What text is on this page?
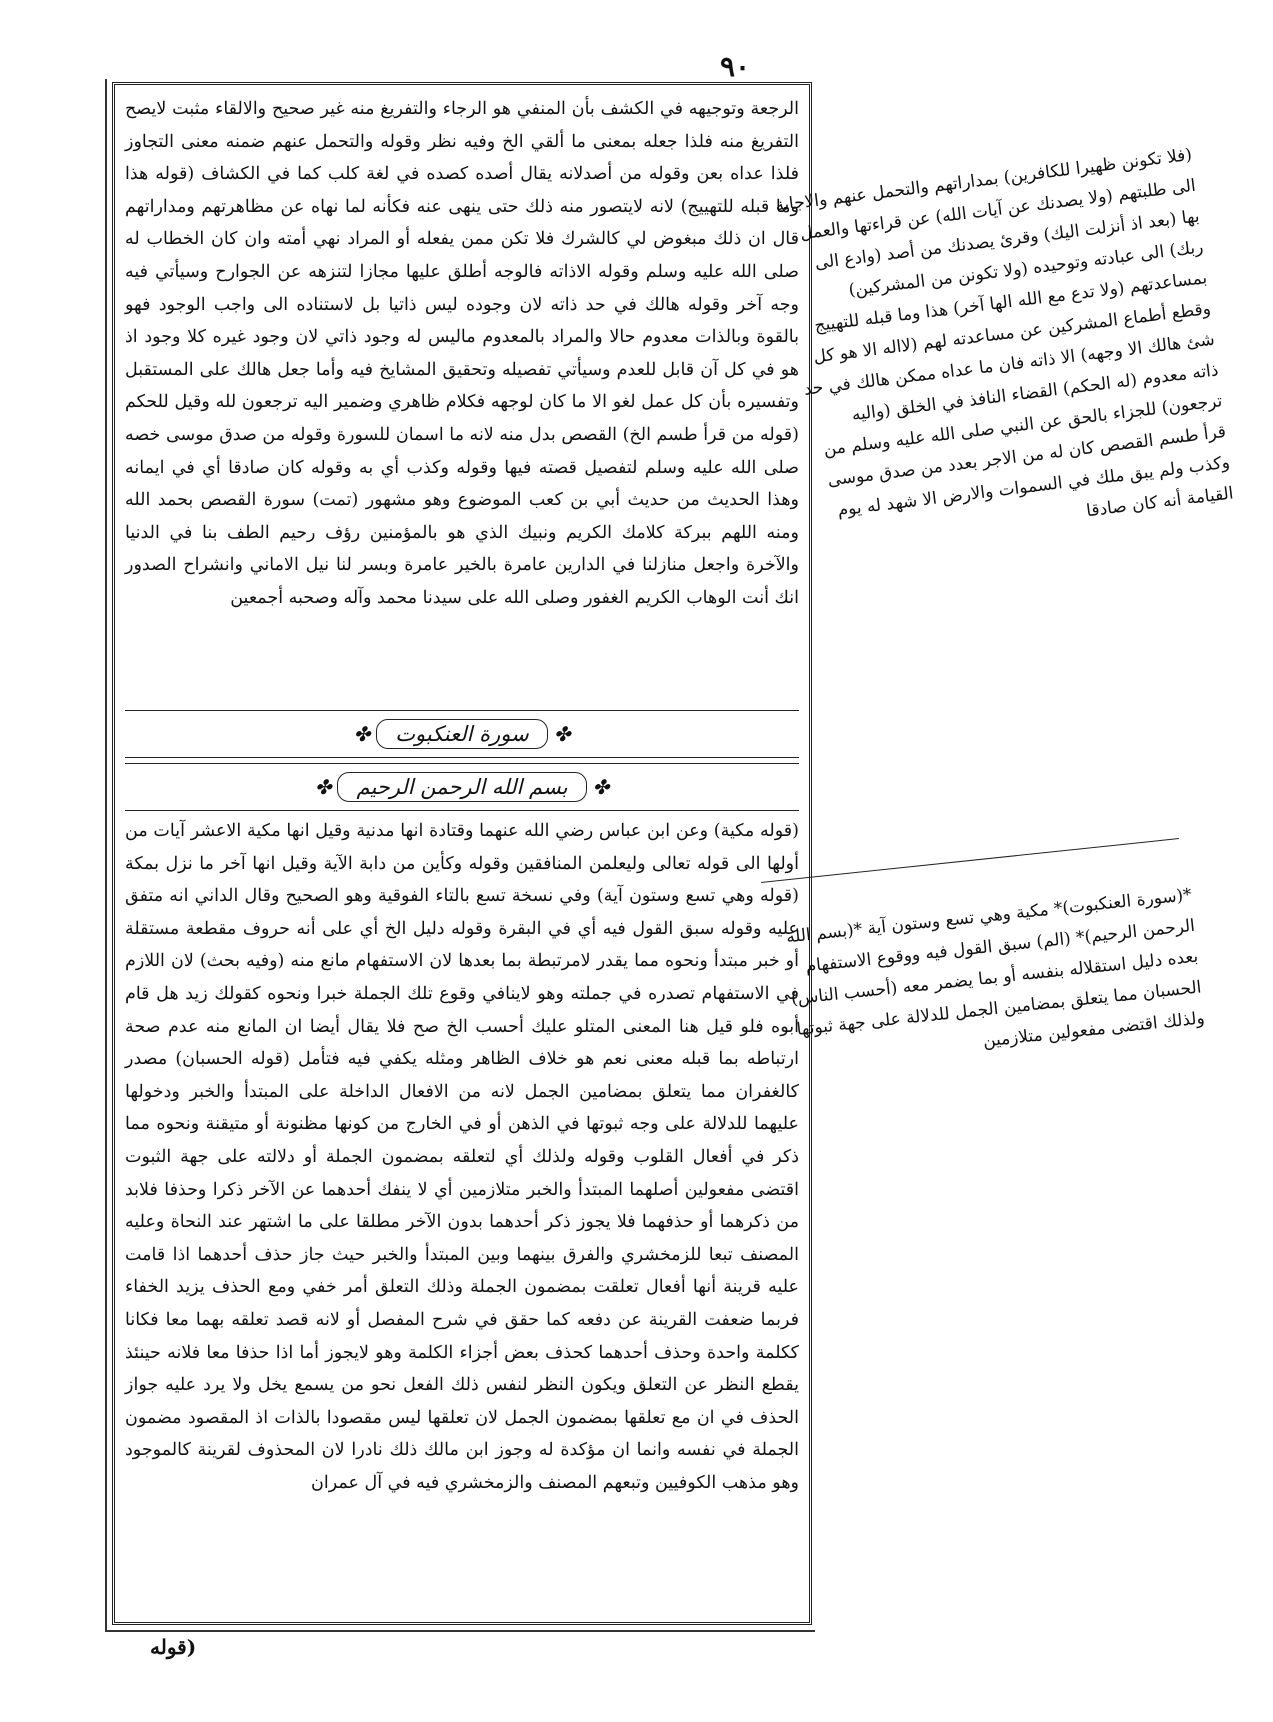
٩٠

الرجعة وتوجيهه في الكشف بأن المنفي هو الرجاء والتفريغ منه غير صحيح والالقاء مثبت لايصح التفريغ منه فلذا جعله بمعنى ما ألقي الخ وفيه نظر وقوله والتحمل عنهم ضمنه معنى التجاوز فلذا عداه بعن وقوله من أصدلانه يقال أصده كصده في لغة كلب كما في الكشاف (قوله هذا وما قبله للتهييج) لانه لايتصور منه ذلك حتى ينهى عنه فكأنه لما نهاه عن مظاهرتهم ومداراتهم قال ان ذلك مبغوض لي كالشرك فلا تكن ممن يفعله أو المراد نهي أمته وان كان الخطاب له صلى الله عليه وسلم وقوله الاذاته فالوجه أطلق عليها مجازا لتنزهه عن الجوارح وسيأتي فيه وجه آخر وقوله هالك في حد ذاته لان وجوده ليس ذاتيا بل لاستناده الى واجب الوجود فهو بالقوة وبالذات معدوم حالا والمراد بالمعدوم ماليس له وجود ذاتي لان وجود غيره كلا وجود اذ هو في كل آن قابل للعدم وسيأتي تفصيله وتحقيق المشايخ فيه وأما جعل هالك على المستقبل وتفسيره بأن كل عمل لغو الا ما كان لوجهه فكلام ظاهري وضمير اليه ترجعون لله وقيل للحكم (قوله من قرأ طسم الخ) القصص بدل منه لانه ما اسمان للسورة وقوله من صدق موسى خصه صلى الله عليه وسلم لتفصيل قصته فيها وقوله وكذب أي به وقوله كان صادقا أي في ايمانه وهذا الحديث من حديث أبي بن كعب الموضوع وهو مشهور (تمت) سورة القصص بحمد الله ومنه اللهم ببركة كلامك الكريم ونبيك الذي هو بالمؤمنين رؤف رحيم الطف بنا في الدنيا والآخرة واجعل منازلنا في الدارين عامرة بالخير عامرة وبسر لنا نيل الاماني وانشراح الصدور انك أنت الوهاب الكريم الغفور وصلى الله على سيدنا محمد وآله وصحبه أجمعين

✤
سورة العنكبوت
✤
✤
بسم الله الرحمن الرحيم
✤

(قوله مكية) وعن ابن عباس رضي الله عنهما وقتادة انها مدنية وقيل انها مكية الاعشر آيات من أولها الى قوله تعالى وليعلمن المنافقين وقوله وكأين من دابة الآية وقيل انها آخر ما نزل بمكة (قوله وهي تسع وستون آية) وفي نسخة تسع بالتاء الفوقية وهو الصحيح وقال الداني انه متفق عليه وقوله سبق القول فيه أي في البقرة وقوله دليل الخ أي على أنه حروف مقطعة مستقلة أو خبر مبتدأ ونحوه مما يقدر لامرتبطة بما بعدها لان الاستفهام مانع منه (وفيه بحث) لان اللازم في الاستفهام تصدره في جملته وهو لاينافي وقوع تلك الجملة خبرا ونحوه كقولك زيد هل قام أبوه فلو قيل هنا المعنى المتلو عليك أحسب الخ صح فلا يقال أيضا ان المانع منه عدم صحة ارتباطه بما قبله معنى نعم هو خلاف الظاهر ومثله يكفي فيه فتأمل (قوله الحسبان) مصدر كالغفران مما يتعلق بمضامين الجمل لانه من الافعال الداخلة على المبتدأ والخبر ودخولها عليهما للدلالة على وجه ثبوتها في الذهن أو في الخارج من كونها مظنونة أو متيقنة ونحوه مما ذكر في أفعال القلوب وقوله ولذلك أي لتعلقه بمضمون الجملة أو دلالته على جهة الثبوت اقتضى مفعولين أصلهما المبتدأ والخبر متلازمين أي لا ينفك أحدهما عن الآخر ذكرا وحذفا فلابد من ذكرهما أو حذفهما فلا يجوز ذكر أحدهما بدون الآخر مطلقا على ما اشتهر عند النحاة وعليه المصنف تبعا للزمخشري والفرق بينهما وبين المبتدأ والخبر حيث جاز حذف أحدهما اذا قامت عليه قرينة أنها أفعال تعلقت بمضمون الجملة وذلك التعلق أمر خفي ومع الحذف يزيد الخفاء فربما ضعفت القرينة عن دفعه كما حقق في شرح المفصل أو لانه قصد تعلقه بهما معا فكانا ككلمة واحدة وحذف أحدهما كحذف بعض أجزاء الكلمة وهو لايجوز أما اذا حذفا معا فلانه حينئذ يقطع النظر عن التعلق ويكون النظر لنفس ذلك الفعل نحو من يسمع يخل ولا يرد عليه جواز الحذف في ان مع تعلقها بمضمون الجمل لان تعلقها ليس مقصودا بالذات اذ المقصود مضمون الجملة في نفسه وانما ان مؤكدة له وجوز ابن مالك ذلك نادرا لان المحذوف لقرينة كالموجود وهو مذهب الكوفيين وتبعهم المصنف والزمخشري فيه في آل عمران

(قوله

(فلا تكونن ظهيرا للكافرين) بمداراتهم والتحمل عنهم والاجابة الى طلبتهم (ولا يصدنك عن آيات الله) عن قراءتها والعمل بها (بعد اذ أنزلت اليك) وقرئ يصدنك من أصد (وادع الى ربك) الى عبادته وتوحيده (ولا تكونن من المشركين) بمساعدتهم (ولا تدع مع الله الها آخر) هذا وما قبله للتهييج وقطع أطماع المشركين عن مساعدته لهم (لااله الا هو كل شئ هالك الا وجهه) الا ذاته فان ما عداه ممكن هالك في حد ذاته معدوم (له الحكم) القضاء النافذ في الخلق (واليه ترجعون) للجزاء بالحق عن النبي صلى الله عليه وسلم من قرأ طسم القصص كان له من الاجر بعدد من صدق موسى وكذب ولم يبق ملك في السموات والارض الا شهد له يوم القيامة أنه كان صادقا

*(سورة العنكبوت)* مكية وهي تسع وستون آية *(بسم الله الرحمن الرحيم)* (الم) سبق القول فيه ووقوع الاستفهام بعده دليل استقلاله بنفسه أو بما يضمر معه (أحسب الناس) الحسبان مما يتعلق بمضامين الجمل للدلالة على جهة ثبوتها ولذلك اقتضى مفعولين متلازمين
